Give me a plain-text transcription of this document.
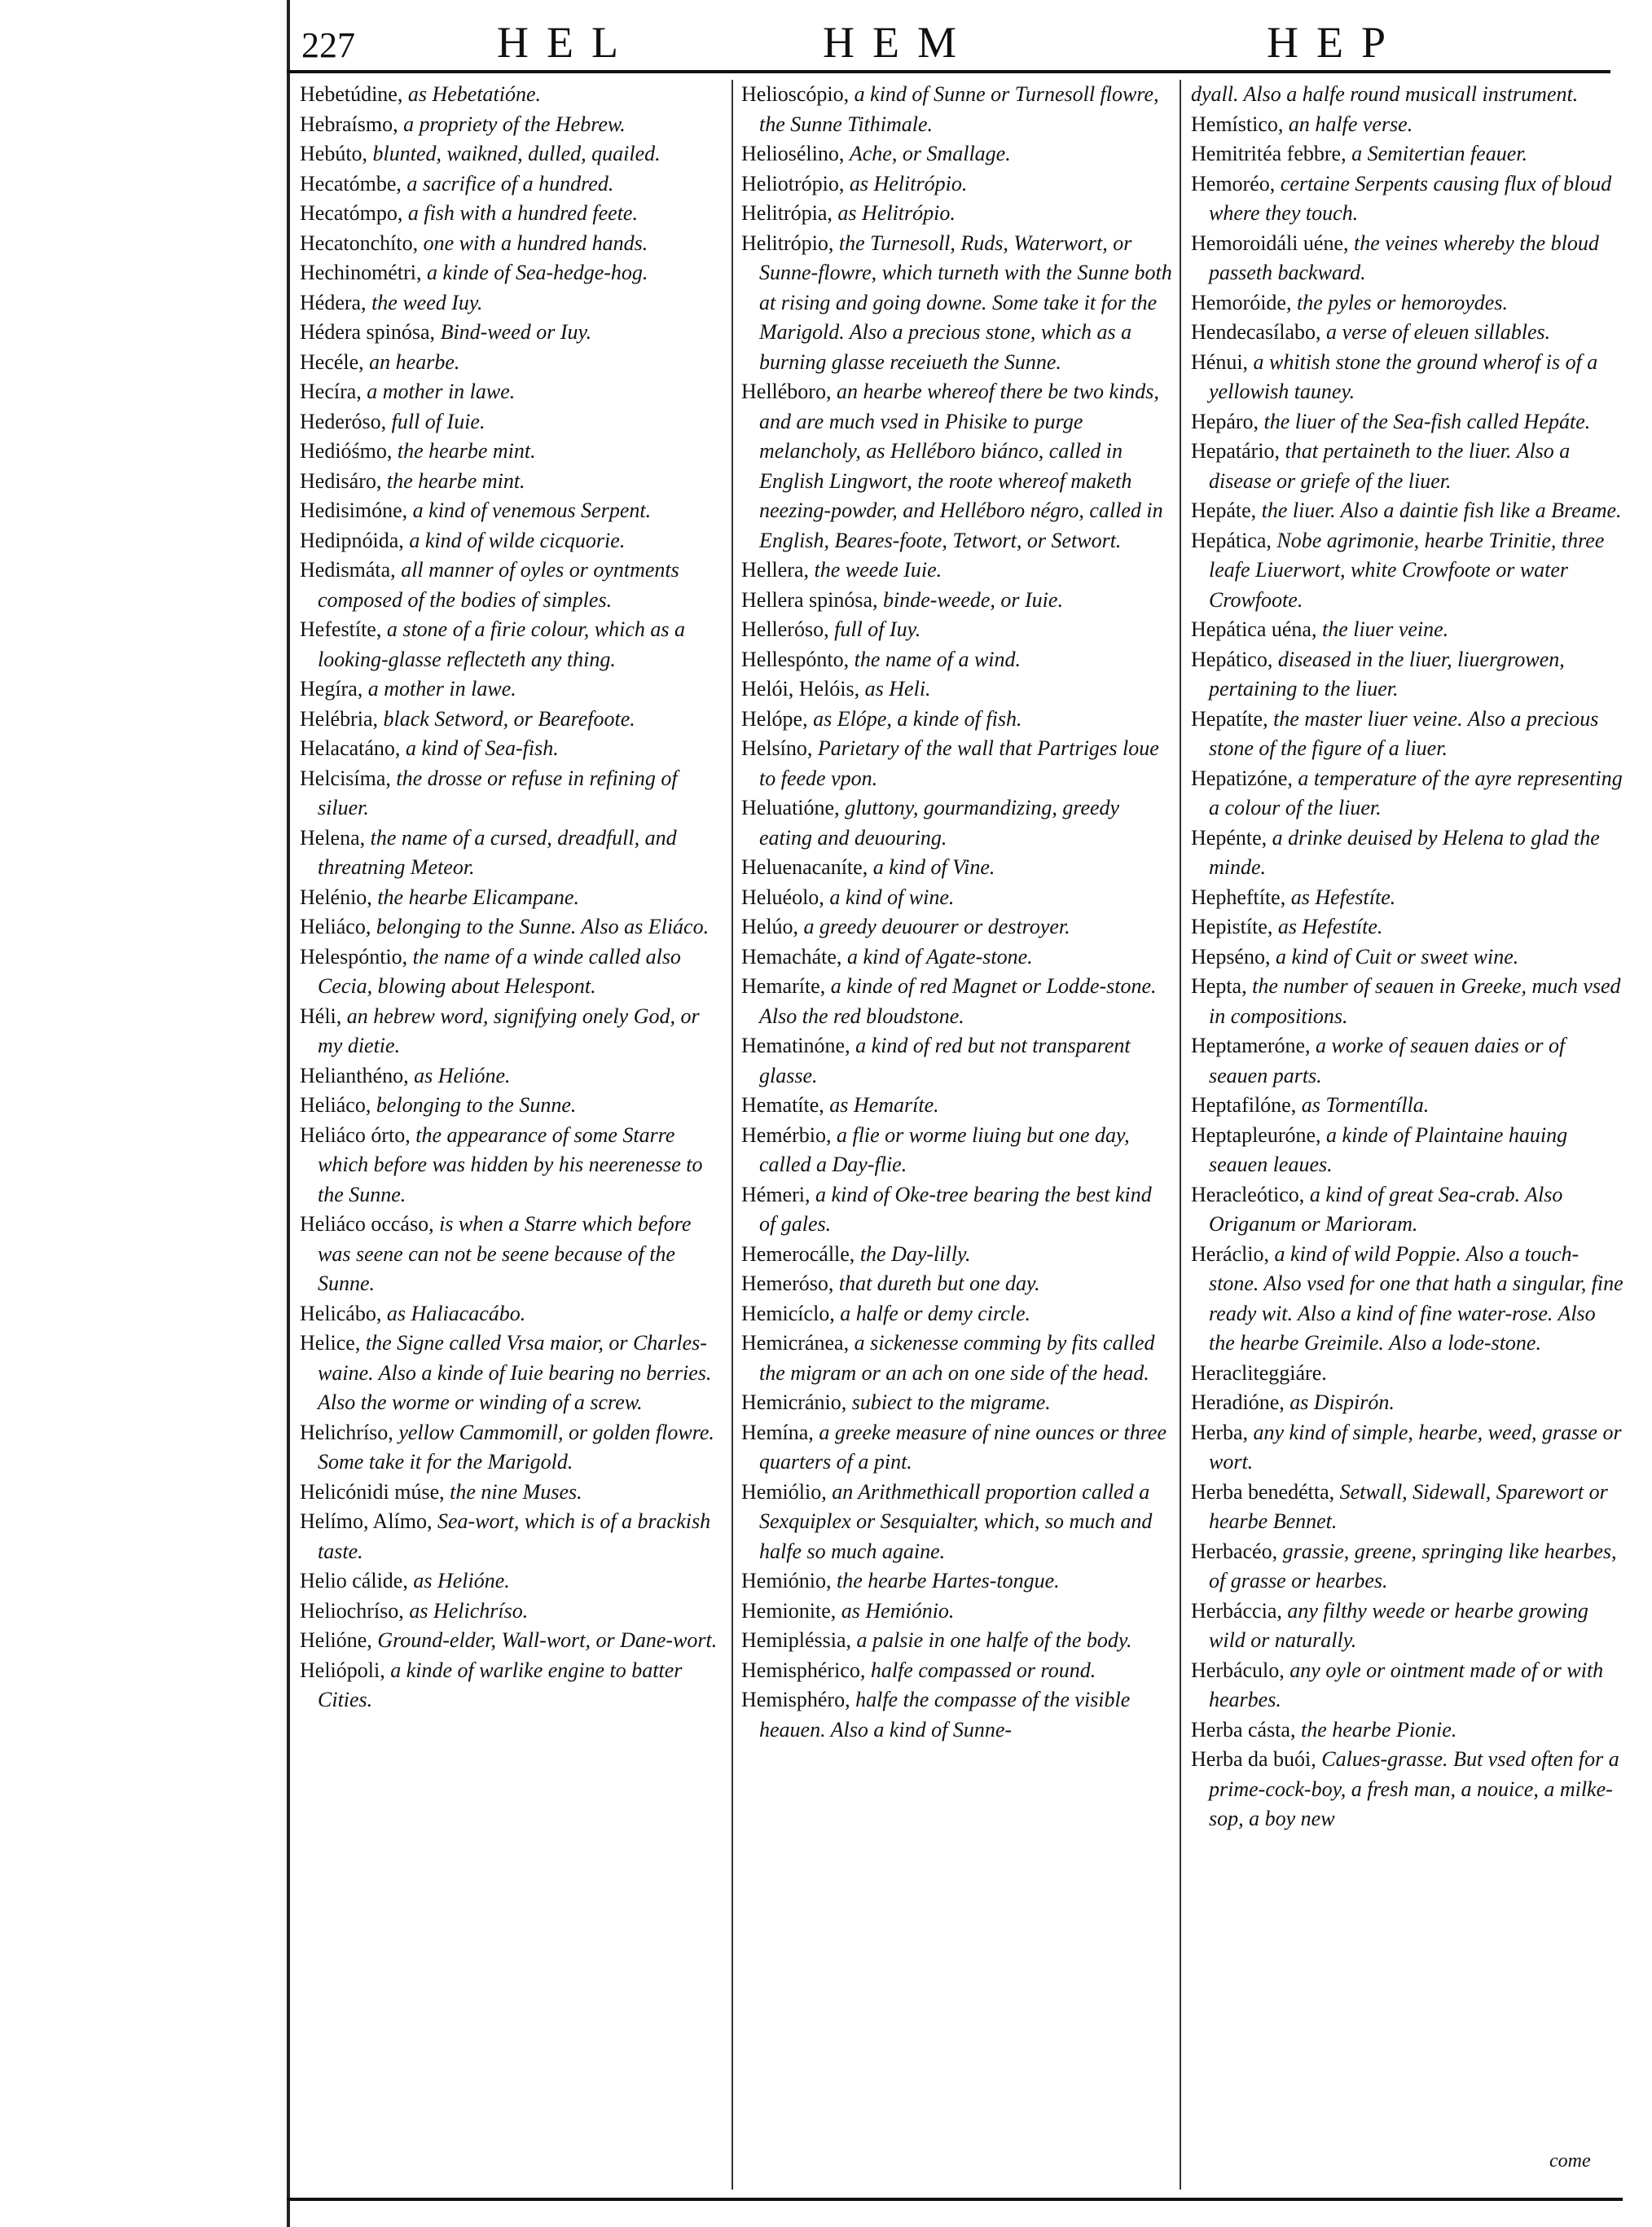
227	HEL	HEM	HEP

Hebetúdine, as Hebetatióne.

Hebraísmo, a propriety of the Hebrew.

Hebúto, blunted, waikned, dulled, quailed.

Hecatómbe, a sacrifice of a hundred.

Hecatómpo, a fish with a hundred feete.

Hecatonchíto, one with a hundred hands.

Hechinométri, a kinde of Sea-hedge-hog.

Hédera, the weed Iuy.

Hédera spinósa, Bind-weed or Iuy.

Hecéle, an hearbe.

Hecíra, a mother in lawe.

Hederóso, full of Iuie.

Hedióśmo, the hearbe mint.

Hedisáro, the hearbe mint.

Hedisimóne, a kind of venemous Serpent.

Hedipnóida, a kind of wilde cicquorie.

Hedismáta, all manner of oyles or oyntments composed of the bodies of simples.

Hefestíte, a stone of a firie colour, which as a looking-glasse reflecteth any thing.

Hegíra, a mother in lawe.

Helébria, black Setword, or Bearefoote.

Helacatáno, a kind of Sea-fish.

Helcisíma, the drosse or refuse in refining of siluer.

Helena, the name of a cursed, dreadfull, and threatning Meteor.

Helénio, the hearbe Elicampane.

Heliáco, belonging to the Sunne. Also as Eliáco.

Helespóntio, the name of a winde called also Cecia, blowing about Helespont.

Héli, an hebrew word, signifying onely God, or my dietie.

Helianthéno, as Helióne.

Heliáco, belonging to the Sunne.

Heliáco órto, the appearance of some Starre which before was hidden by his neerenesse to the Sunne.

Heliáco occáso, is when a Starre which before was seene can not be seene because of the Sunne.

Helicábo, as Haliacacábo.

Helice, the Signe called Vrsa maior, or Charles-waine. Also a kinde of Iuie bearing no berries. Also the worme or winding of a screw.

Helichríso, yellow Cammomill, or golden flowre. Some take it for the Marigold.

Helicónidi múse, the nine Muses.

Helímo, Alímo, Sea-wort, which is of a brackish taste.

Helio cálide, as Helióne.

Heliochríso, as Helichríso.

Helióne, Ground-elder, Wall-wort, or Dane-wort.

Heliópoli, a kinde of warlike engine to batter Cities.

Helioscópio, a kind of Sunne or Turnesoll flowre, the Sunne Tithimale.

Heliosélino, Ache, or Smallage.

Heliotrópio, as Helitrópio.

Helitrópia, as Helitrópio.

Helitrópio, the Turnesoll, Ruds, Waterwort, or Sunne-flowre, which turneth with the Sunne both at rising and going downe. Some take it for the Marigold. Also a precious stone, which as a burning glasse receiueth the Sunne.

Helléboro, an hearbe whereof there be two kinds, and are much vsed in Phisike to purge melancholy, as Helléboro biánco, called in English Lingwort, the roote whereof maketh neezing-powder, and Helléboro négro, called in English, Beares-foote, Tetwort, or Setwort.

Hellera, the weede Iuie.

Hellera spinósa, binde-weede, or Iuie.

Helleróso, full of Iuy.

Hellespónto, the name of a wind.

Helói, Helóis, as Heli.

Helópe, as Elópe, a kinde of fish.

Helsíno, Parietary of the wall that Partriges loue to feede vpon.

Heluatióne, gluttony, gourmandizing, greedy eating and deuouring.

Heluenacaníte, a kind of Vine.

Heluéolo, a kind of wine.

Helúo, a greedy deuourer or destroyer.

Hemacháte, a kind of Agate-stone.

Hemaríte, a kinde of red Magnet or Lodde-stone. Also the red bloudstone.

Hematinóne, a kind of red but not transparent glasse.

Hematíte, as Hemaríte.

Hemérbio, a flie or worme liuing but one day, called a Day-flie.

Hémeri, a kind of Oke-tree bearing the best kind of gales.

Hemerocálle, the Day-lilly.

Hemeróso, that dureth but one day.

Hemicíclo, a halfe or demy circle.

Hemicránea, a sickenesse comming by fits called the migram or an ach on one side of the head.

Hemicránio, subiect to the migrame.

Hemína, a greeke measure of nine ounces or three quarters of a pint.

Hemiólio, an Arithmethicall proportion called a Sexquiplex or Sesquialter, which, so much and halfe so much againe.

Hemiónio, the hearbe Hartes-tongue.

Hemionite, as Hemiónio.

Hemipléssia, a palsie in one halfe of the body.

Hemisphérico, halfe compassed or round.

Hemisphéro, halfe the compasse of the visible heauen. Also a kind of Sunne-

dyall. Also a halfe round musicall instrument.

Hemístico, an halfe verse.

Hemitritéa febbre, a Semitertian feauer.

Hemoréo, certaine Serpents causing flux of bloud where they touch.

Hemoroidáli uéne, the veines whereby the bloud passeth backward.

Hemoróide, the pyles or hemoroydes.

Hendecasílabo, a verse of eleuen sillables.

Hénui, a whitish stone the ground wherof is of a yellowish tauney.

Hepáro, the liuer of the Sea-fish called Hepáte.

Hepatário, that pertaineth to the liuer. Also a disease or griefe of the liuer.

Hepáte, the liuer. Also a daintie fish like a Breame.

Hepática, Nobe agrimonie, hearbe Trinitie, three leafe Liuerwort, white Crowfoote or water Crowfoote.

Hepática uéna, the liuer veine.

Hepático, diseased in the liuer, liuergrowen, pertaining to the liuer.

Hepatíte, the master liuer veine. Also a precious stone of the figure of a liuer.

Hepatizóne, a temperature of the ayre representing a colour of the liuer.

Hepénte, a drinke deuised by Helena to glad the minde.

Hepheftíte, as Hefestíte.

Hepistíte, as Hefestíte.

Hepséno, a kind of Cuit or sweet wine.

Hepta, the number of seauen in Greeke, much vsed in compositions.

Heptameróne, a worke of seauen daies or of seauen parts.

Heptafilóne, as Tormentílla.

Heptapleuróne, a kinde of Plaintaine hauing seauen leaues.

Heracleótico, a kind of great Sea-crab. Also Origanum or Marioram.

Heráclio, a kind of wild Poppie. Also a touch-stone. Also vsed for one that hath a singular, fine ready wit. Also a kind of fine water-rose. Also the hearbe Greimile. Also a lode-stone.

Heracliteggiáre.

Heradióne, as Dispirón.

Herba, any kind of simple, hearbe, weed, grasse or wort.

Herba benedétta, Setwall, Sidewall, Sparewort or hearbe Bennet.

Herbacéo, grassie, greene, springing like hearbes, of grasse or hearbes.

Herbáccia, any filthy weede or hearbe growing wild or naturally.

Herbáculo, any oyle or ointment made of or with hearbes.

Herba cásta, the hearbe Pionie.

Herba da buói, Calues-grasse. But vsed often for a prime-cock-boy, a fresh man, a nouice, a milke-sop, a boy new

come
